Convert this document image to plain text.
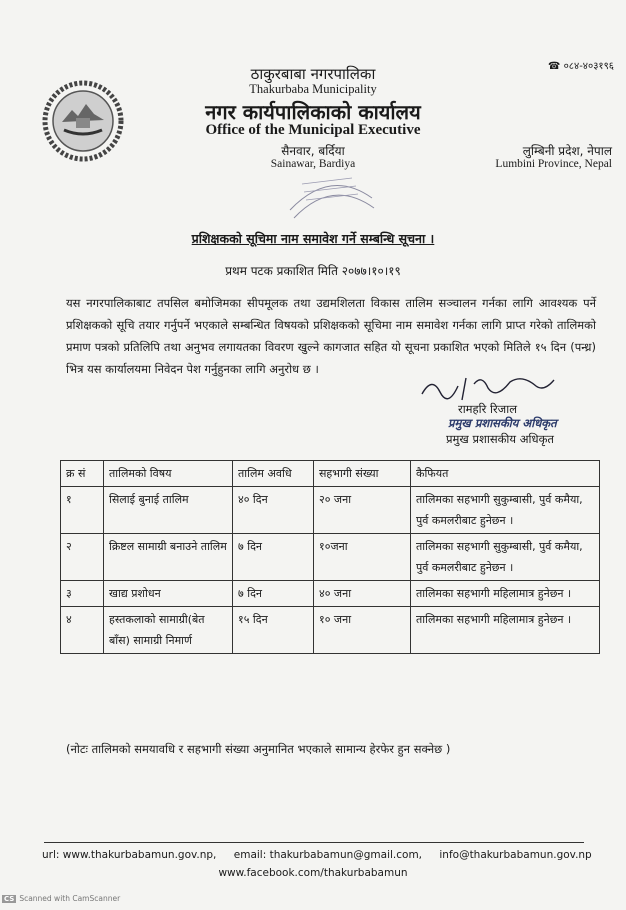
☎ ०८४-४०३१९६
ठाकुरबाबा नगरपालिका
Thakurbaba Municipality
नगर कार्यपालिकाको कार्यालय
Office of the Municipal Executive
सैनवार, बर्दिया
Sainawar, Bardiya
लुम्बिनी प्रदेश, नेपाल
Lumbini Province, Nepal
प्रशिक्षकको सूचिमा नाम समावेश गर्ने सम्बन्धि सूचना ।
प्रथम पटक प्रकाशित मिति २०७७।१०।१९
यस नगरपालिकाबाट तपसिल बमोजिमका सीपमूलक तथा उद्यमशिलता विकास तालिम सञ्चालन गर्नका लागि आवश्यक पर्ने प्रशिक्षकको सूचि तयार गर्नुपर्ने भएकाले सम्बन्धित विषयको प्रशिक्षकको सूचिमा नाम समावेश गर्नका लागि प्राप्त गरेको तालिमको प्रमाण पत्रको प्रतिलिपि तथा अनुभव लगायतका विवरण खुल्ने कागजात सहित यो सूचना प्रकाशित भएको मितिले १५ दिन (पन्ध्र) भित्र यस कार्यालयमा निवेदन पेश गर्नुहुनका लागि अनुरोध छ ।
रामहरि रिजाल
प्रमुख प्रशासकीय अधिकृत
प्रमुख प्रशासकीय अधिकृत
क्र सं	तालिमको विषय	तालिम अवधि	सहभागी संख्या	कैफियत
१	सिलाई बुनाई तालिम	४० दिन	२० जना	तालिमका सहभागी सुकुम्बासी, पुर्व कमैया, पुर्व कमलरीबाट हुनेछन ।
२	क्रिष्टल सामाग्री बनाउने तालिम	७ दिन	१०जना	तालिमका सहभागी सुकुम्बासी, पुर्व कमैया, पुर्व कमलरीबाट हुनेछन ।
३	खाद्य प्रशोधन	७ दिन	४० जना	तालिमका सहभागी महिलामात्र हुनेछन ।
४	हस्तकलाको सामाग्री(बेत बाँस) सामाग्री निमार्ण	१५ दिन	१० जना	तालिमका सहभागी महिलामात्र हुनेछन ।
(नोटः तालिमको समयावधि र सहभागी संख्या अनुमानित भएकाले सामान्य हेरफेर हुन सक्नेछ )
url: www.thakurbabamun.gov.np, email: thakurbabamun@gmail.com, info@thakurbabamun.gov.np
www.facebook.com/thakurbabamun
CS Scanned with CamScanner
